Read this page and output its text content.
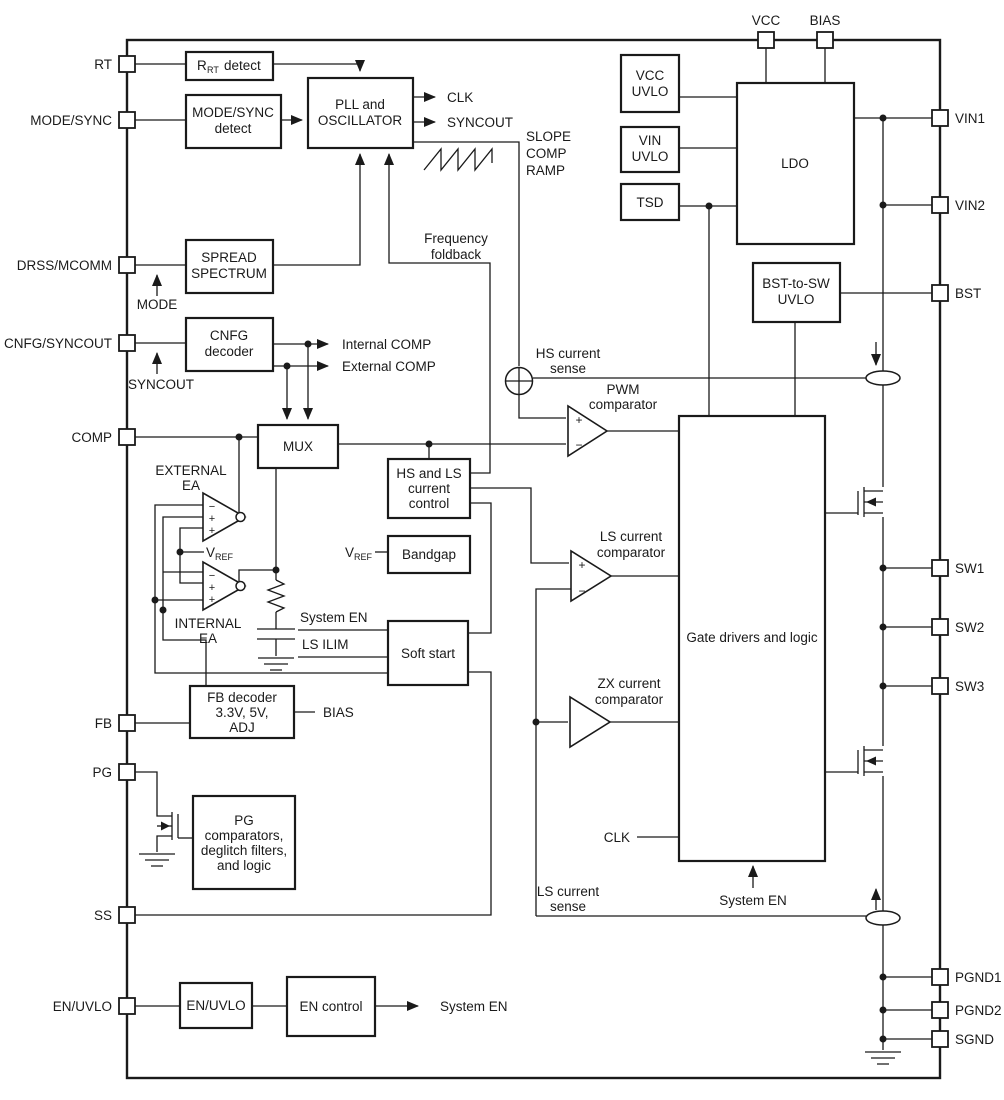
RT
MODE/SYNC
DRSS/MCOMM
CNFG/SYNCOUT
COMP
FB
PG
SS
EN/UVLO
VIN1
VIN2
BST
SW1
SW2
SW3
PGND1
PGND2
SGND
VCC BIAS
R RT detect
MODE/SYNC
detect
PLL and
OSCILLATOR
SPREAD
SPECTRUM
CNFG
decoder
MUX
HS and LS
current
control
Bandgap
Soft start
FB decoder
3.3V, 5V,
ADJ
PG
comparators,
deglitch filters,
and logic
EN/UVLO	EN control
VCC
UVLO
VIN
UVLO
TSD
LDO
BST-to-SW
UVLO
Gate drivers and logic
CLK
SYNCOUT
SLOPE
COMP
RAMP
Frequency
foldback
MODE
SYNCOUT
Internal COMP
External COMP
HS current
sense
PWM
comparator
LS current
comparator
ZX current
comparator
LS current
sense
System EN
LS ILIM
EXTERNAL
EA
INTERNAL
EA
V REF	V REF
BIAS
CLK
System EN
System EN
+
−
+
−
−
+
+
−
+
+
